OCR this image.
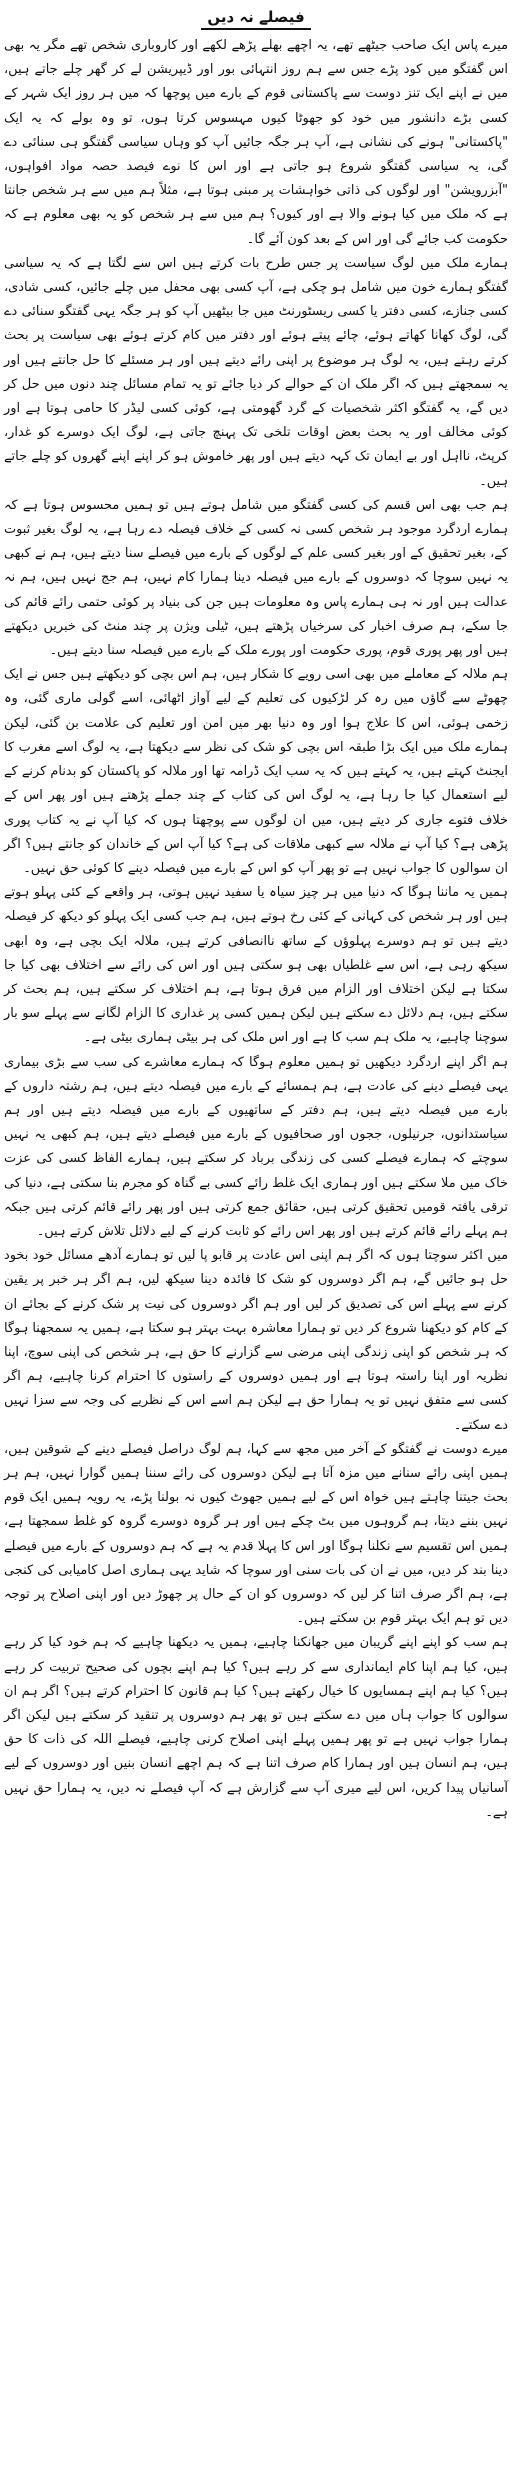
فیصلے نہ دیں

میرے پاس ایک صاحب جیٹھے تھے، یہ اچھے بھلے پڑھے لکھے اور کاروباری شخص تھے مگر یہ بھی اس گفتگو میں کود پڑے جس سے ہم روز انتہائی بور اور ڈیپریشن لے کر گھر چلے جاتے ہیں، میں نے اپنے ایک تنز دوست سے پاکستانی قوم کے بارے میں پوچھا کہ میں ہر روز ایک شہر کے کسی بڑے دانشور میں خود کو جھوٹا کیوں مہسوس کرتا ہوں، تو وہ بولے کہ یہ ایک "پاکستانی" ہونے کی نشانی ہے، آپ ہر جگہ جائیں آپ کو وہاں سیاسی گفتگو ہی سنائی دے گی، یہ سیاسی گفتگو شروع ہو جاتی ہے اور اس کا نوے فیصد حصہ مواد افواہوں، "آبزرویشن" اور لوگوں کی ذاتی خواہشات پر مبنی ہوتا ہے، مثلاً ہم میں سے ہر شخص جانتا ہے کہ ملک میں کیا ہونے والا ہے اور کیوں؟ ہم میں سے ہر شخص کو یہ بھی معلوم ہے کہ حکومت کب جائے گی اور اس کے بعد کون آئے گا۔

ہمارے ملک میں لوگ سیاست پر جس طرح بات کرتے ہیں اس سے لگتا ہے کہ یہ سیاسی گفتگو ہمارے خون میں شامل ہو چکی ہے، آپ کسی بھی محفل میں چلے جائیں، کسی شادی، کسی جنازے، کسی دفتر یا کسی ریسٹورنٹ میں جا بیٹھیں آپ کو ہر جگہ یہی گفتگو سنائی دے گی، لوگ کھانا کھاتے ہوئے، چائے پیتے ہوئے اور دفتر میں کام کرتے ہوئے بھی سیاست پر بحث کرتے رہتے ہیں، یہ لوگ ہر موضوع پر اپنی رائے دیتے ہیں اور ہر مسئلے کا حل جانتے ہیں اور یہ سمجھتے ہیں کہ اگر ملک ان کے حوالے کر دیا جائے تو یہ تمام مسائل چند دنوں میں حل کر دیں گے، یہ گفتگو اکثر شخصیات کے گرد گھومتی ہے، کوئی کسی لیڈر کا حامی ہوتا ہے اور کوئی مخالف اور یہ بحث بعض اوقات تلخی تک پہنچ جاتی ہے، لوگ ایک دوسرے کو غدار، کرپٹ، نااہل اور بے ایمان تک کہہ دیتے ہیں اور پھر خاموش ہو کر اپنے اپنے گھروں کو چلے جاتے ہیں۔

ہم جب بھی اس قسم کی کسی گفتگو میں شامل ہوتے ہیں تو ہمیں محسوس ہوتا ہے کہ ہمارے اردگرد موجود ہر شخص کسی نہ کسی کے خلاف فیصلہ دے رہا ہے، یہ لوگ بغیر ثبوت کے، بغیر تحقیق کے اور بغیر کسی علم کے لوگوں کے بارے میں فیصلے سنا دیتے ہیں، ہم نے کبھی یہ نہیں سوچا کہ دوسروں کے بارے میں فیصلہ دینا ہمارا کام نہیں، ہم جج نہیں ہیں، ہم نہ عدالت ہیں اور نہ ہی ہمارے پاس وہ معلومات ہیں جن کی بنیاد پر کوئی حتمی رائے قائم کی جا سکے، ہم صرف اخبار کی سرخیاں پڑھتے ہیں، ٹیلی ویژن پر چند منٹ کی خبریں دیکھتے ہیں اور پھر پوری قوم، پوری حکومت اور پورے ملک کے بارے میں فیصلہ سنا دیتے ہیں۔

ہم ملالہ کے معاملے میں بھی اسی رویے کا شکار ہیں، ہم اس بچی کو دیکھتے ہیں جس نے ایک چھوٹے سے گاؤں میں رہ کر لڑکیوں کی تعلیم کے لیے آواز اٹھائی، اسے گولی ماری گئی، وہ زخمی ہوئی، اس کا علاج ہوا اور وہ دنیا بھر میں امن اور تعلیم کی علامت بن گئی، لیکن ہمارے ملک میں ایک بڑا طبقہ اس بچی کو شک کی نظر سے دیکھتا ہے، یہ لوگ اسے مغرب کا ایجنٹ کہتے ہیں، یہ کہتے ہیں کہ یہ سب ایک ڈرامہ تھا اور ملالہ کو پاکستان کو بدنام کرنے کے لیے استعمال کیا جا رہا ہے، یہ لوگ اس کی کتاب کے چند جملے پڑھتے ہیں اور پھر اس کے خلاف فتوے جاری کر دیتے ہیں، میں ان لوگوں سے پوچھتا ہوں کہ کیا آپ نے یہ کتاب پوری پڑھی ہے؟ کیا آپ نے ملالہ سے کبھی ملاقات کی ہے؟ کیا آپ اس کے خاندان کو جانتے ہیں؟ اگر ان سوالوں کا جواب نہیں ہے تو پھر آپ کو اس کے بارے میں فیصلہ دینے کا کوئی حق نہیں۔

ہمیں یہ ماننا ہوگا کہ دنیا میں ہر چیز سیاہ یا سفید نہیں ہوتی، ہر واقعے کے کئی پہلو ہوتے ہیں اور ہر شخص کی کہانی کے کئی رخ ہوتے ہیں، ہم جب کسی ایک پہلو کو دیکھ کر فیصلہ دیتے ہیں تو ہم دوسرے پہلوؤں کے ساتھ ناانصافی کرتے ہیں، ملالہ ایک بچی ہے، وہ ابھی سیکھ رہی ہے، اس سے غلطیاں بھی ہو سکتی ہیں اور اس کی رائے سے اختلاف بھی کیا جا سکتا ہے لیکن اختلاف اور الزام میں فرق ہوتا ہے، ہم اختلاف کر سکتے ہیں، ہم بحث کر سکتے ہیں، ہم دلائل دے سکتے ہیں لیکن ہمیں کسی پر غداری کا الزام لگانے سے پہلے سو بار سوچنا چاہیے، یہ ملک ہم سب کا ہے اور اس ملک کی ہر بیٹی ہماری بیٹی ہے۔

ہم اگر اپنے اردگرد دیکھیں تو ہمیں معلوم ہوگا کہ ہمارے معاشرے کی سب سے بڑی بیماری یہی فیصلے دینے کی عادت ہے، ہم ہمسائے کے بارے میں فیصلہ دیتے ہیں، ہم رشتہ داروں کے بارے میں فیصلہ دیتے ہیں، ہم دفتر کے ساتھیوں کے بارے میں فیصلہ دیتے ہیں اور ہم سیاستدانوں، جرنیلوں، ججوں اور صحافیوں کے بارے میں فیصلے دیتے ہیں، ہم کبھی یہ نہیں سوچتے کہ ہمارے فیصلے کسی کی زندگی برباد کر سکتے ہیں، ہمارے الفاظ کسی کی عزت خاک میں ملا سکتے ہیں اور ہماری ایک غلط رائے کسی بے گناہ کو مجرم بنا سکتی ہے، دنیا کی ترقی یافتہ قومیں تحقیق کرتی ہیں، حقائق جمع کرتی ہیں اور پھر رائے قائم کرتی ہیں جبکہ ہم پہلے رائے قائم کرتے ہیں اور پھر اس رائے کو ثابت کرنے کے لیے دلائل تلاش کرتے ہیں۔

میں اکثر سوچتا ہوں کہ اگر ہم اپنی اس عادت پر قابو پا لیں تو ہمارے آدھے مسائل خود بخود حل ہو جائیں گے، ہم اگر دوسروں کو شک کا فائدہ دینا سیکھ لیں، ہم اگر ہر خبر پر یقین کرنے سے پہلے اس کی تصدیق کر لیں اور ہم اگر دوسروں کی نیت پر شک کرنے کے بجائے ان کے کام کو دیکھنا شروع کر دیں تو ہمارا معاشرہ بہت بہتر ہو سکتا ہے، ہمیں یہ سمجھنا ہوگا کہ ہر شخص کو اپنی زندگی اپنی مرضی سے گزارنے کا حق ہے، ہر شخص کی اپنی سوچ، اپنا نظریہ اور اپنا راستہ ہوتا ہے اور ہمیں دوسروں کے راستوں کا احترام کرنا چاہیے، ہم اگر کسی سے متفق نہیں تو یہ ہمارا حق ہے لیکن ہم اسے اس کے نظریے کی وجہ سے سزا نہیں دے سکتے۔

میرے دوست نے گفتگو کے آخر میں مجھ سے کہا، ہم لوگ دراصل فیصلے دینے کے شوقین ہیں، ہمیں اپنی رائے سنانے میں مزہ آتا ہے لیکن دوسروں کی رائے سننا ہمیں گوارا نہیں، ہم ہر بحث جیتنا چاہتے ہیں خواہ اس کے لیے ہمیں جھوٹ کیوں نہ بولنا پڑے، یہ رویہ ہمیں ایک قوم نہیں بننے دیتا، ہم گروہوں میں بٹ چکے ہیں اور ہر گروہ دوسرے گروہ کو غلط سمجھتا ہے، ہمیں اس تقسیم سے نکلنا ہوگا اور اس کا پہلا قدم یہ ہے کہ ہم دوسروں کے بارے میں فیصلے دینا بند کر دیں، میں نے ان کی بات سنی اور سوچا کہ شاید یہی ہماری اصل کامیابی کی کنجی ہے، ہم اگر صرف اتنا کر لیں کہ دوسروں کو ان کے حال پر چھوڑ دیں اور اپنی اصلاح پر توجہ دیں تو ہم ایک بہتر قوم بن سکتے ہیں۔

ہم سب کو اپنے اپنے گریبان میں جھانکنا چاہیے، ہمیں یہ دیکھنا چاہیے کہ ہم خود کیا کر رہے ہیں، کیا ہم اپنا کام ایمانداری سے کر رہے ہیں؟ کیا ہم اپنے بچوں کی صحیح تربیت کر رہے ہیں؟ کیا ہم اپنے ہمسایوں کا خیال رکھتے ہیں؟ کیا ہم قانون کا احترام کرتے ہیں؟ اگر ہم ان سوالوں کا جواب ہاں میں دے سکتے ہیں تو پھر ہم دوسروں پر تنقید کر سکتے ہیں لیکن اگر ہمارا جواب نہیں ہے تو پھر ہمیں پہلے اپنی اصلاح کرنی چاہیے، فیصلے اللہ کی ذات کا حق ہیں، ہم انسان ہیں اور ہمارا کام صرف اتنا ہے کہ ہم اچھے انسان بنیں اور دوسروں کے لیے آسانیاں پیدا کریں، اس لیے میری آپ سے گزارش ہے کہ آپ فیصلے نہ دیں، یہ ہمارا حق نہیں ہے۔
